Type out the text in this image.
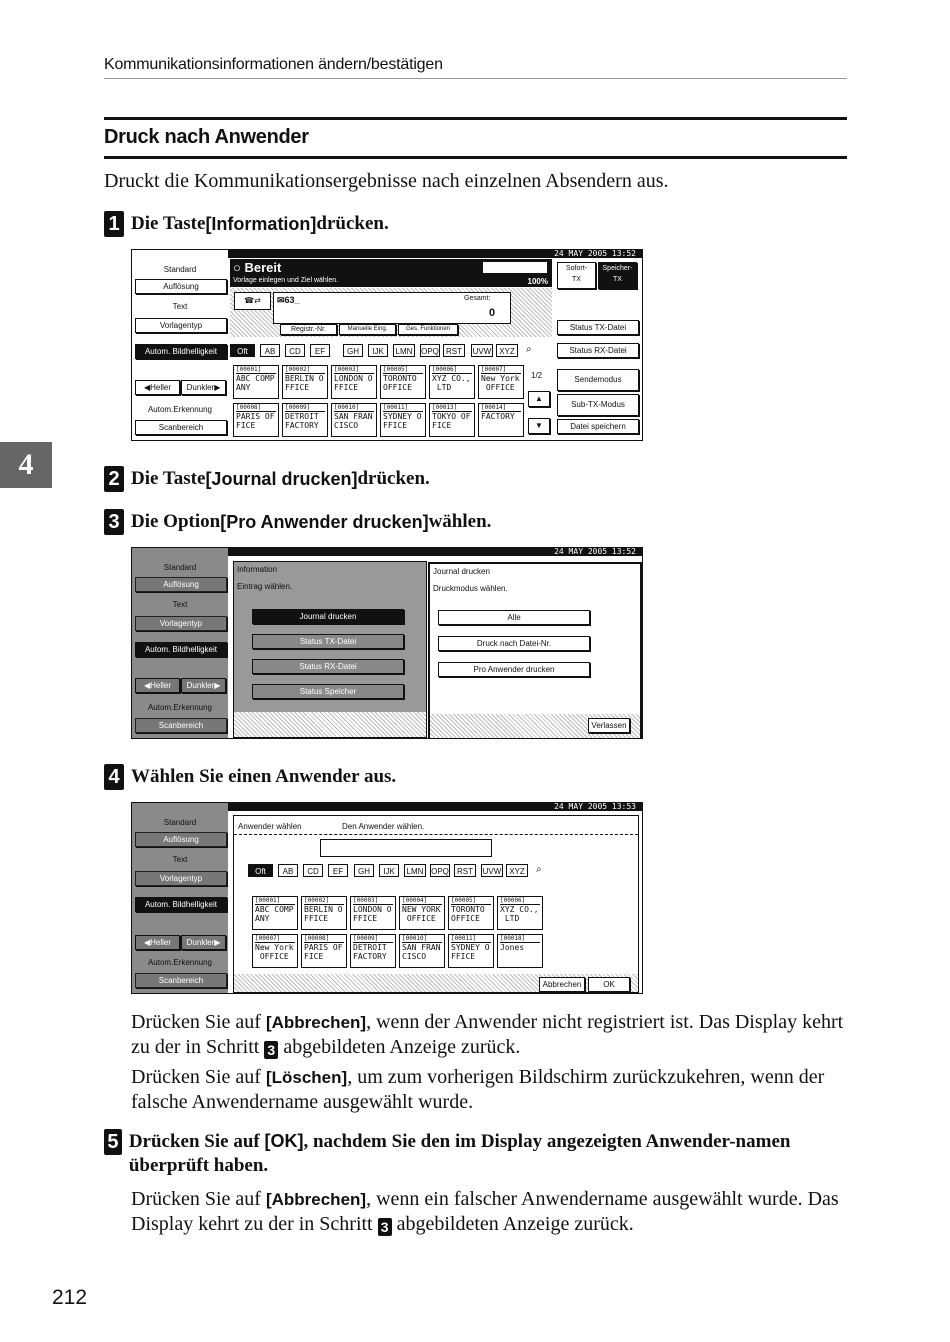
Kommunikationsinformationen ändern/bestätigen
Druck nach Anwender
Druckt die Kommunikationsergebnisse nach einzelnen Absendern aus.
4
1 Die Taste [Information] drücken.
Standard
Auflösung
Text
Vorlagentyp
Autom. Bildhelligkeit
◀Heller	Dunkler▶
Autom.Erkennung
Scanbereich
24 MAY 2005 13:52
○ Bereit
Vorlage einlegen und Ziel wählen.	100%
Information	Sofort-
TX
Speicher-
TX
☎⇄	✉63_	Gesamt:
0
Registr.-Nr.	Manuelle Eing.	Ges. Funktionen	Status TX-Datei
Status RX-Datei
Sendemodus
Sub-TX-Modus
Datei speichern
Oft	AB	CD	EF	GH	IJK	LMN	OPQ RST	UVW XYZ	⌕
[00001]
ABC COMP
ANY
[00002]
BERLIN O
FFICE
[00003]
LONDON O
FFICE
[00005]
TORONTO
OFFICE
[00006]
XYZ CO.,
LTD
[00007]
New York
OFFICE
[00008]
PARIS OF
FICE
[00009]
DETROIT
FACTORY
[00010]
SAN FRAN
CISCO
[00011]
SYDNEY O
FFICE
[00013]
TOKYO OF
FICE
[00014]
FACTORY
1/2
▲
▼
2 Die Taste [Journal drucken] drücken.
3 Die Option [Pro Anwender drucken] wählen.
Standard
Auflösung
Text
Vorlagentyp
Autom. Bildhelligkeit
◀Heller	Dunkler▶
Autom.Erkennung
Scanbereich
24 MAY 2005 13:52
Information
Eintrag wählen.
Journal drucken
Status TX-Datei
Status RX-Datei
Status Speicher
Journal drucken
Druckmodus wählen.
Alle
Druck nach Datei-Nr.
Pro Anwender drucken
Verlassen
4 Wählen Sie einen Anwender aus.
Standard
Auflösung
Text
Vorlagentyp
Autom. Bildhelligkeit
◀Heller	Dunkler▶
Autom.Erkennung
Scanbereich
24 MAY 2005 13:53
Anwender wählen	Den Anwender wählen.
Oft	AB	CD	EF	GH	IJK	LMN OPQ	RST	UVW XYZ	⌕
[00001]
ABC COMP
ANY
[00002]
BERLIN O
FFICE
[00003]
LONDON O
FFICE
[00004]
NEW YORK
OFFICE
[00005]
TORONTO
OFFICE
[00006]
XYZ CO.,
LTD
[00007]
New York
OFFICE
[00008]
PARIS OF
FICE
[00009]
DETROIT
FACTORY
[00010]
SAN FRAN
CISCO
[00011]
SYDNEY O
FFICE
[00018]
Jones
Abbrechen	OK
Drücken Sie auf [Abbrechen], wenn der Anwender nicht registriert ist. Das Display kehrt zu der in Schritt 3 abgebildeten Anzeige zurück.
Drücken Sie auf [Löschen], um zum vorherigen Bildschirm zurückzukehren, wenn der falsche Anwendername ausgewählt wurde.
5 Drücken Sie auf [OK], nachdem Sie den im Display angezeigten Anwender-namen überprüft haben.
Drücken Sie auf [Abbrechen], wenn ein falscher Anwendername ausgewählt wurde. Das Display kehrt zu der in Schritt 3 abgebildeten Anzeige zurück.
212
